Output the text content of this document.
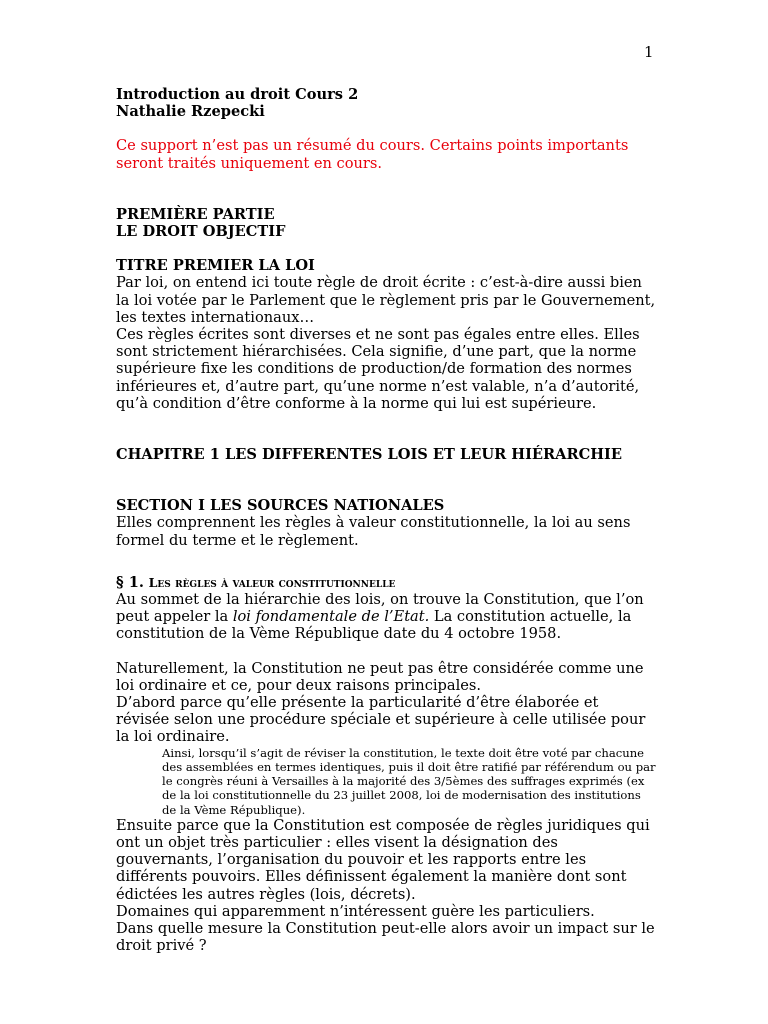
1

Introduction au droit Cours 2

Nathalie Rzepecki

Ce support n’est pas un résumé du cours. Certains points importants seront traités uniquement en cours.

PREMIÈRE PARTIE

LE DROIT OBJECTIF

TITRE PREMIER LA LOI

Par loi, on entend ici toute règle de droit écrite : c’est-à-dire aussi bien la loi votée par le Parlement que le règlement pris par le Gouvernement, les textes internationaux…

Ces règles écrites sont diverses et ne sont pas égales entre elles. Elles sont strictement hiérarchisées. Cela signifie, d’une part, que la norme supérieure fixe les conditions de production/de formation des normes inférieures et, d’autre part, qu’une norme n’est valable, n’a d’autorité, qu’à condition d’être conforme à la norme qui lui est supérieure.

CHAPITRE 1 LES DIFFERENTES LOIS ET LEUR HIÉRARCHIE

SECTION I LES SOURCES NATIONALES

Elles comprennent les règles à valeur constitutionnelle, la loi au sens formel du terme et le règlement.

§ 1. Les règles à valeur constitutionnelle

Au sommet de la hiérarchie des lois, on trouve la Constitution, que l’on peut appeler la loi fondamentale de l’Etat. La constitution actuelle, la constitution de la Vème République date du 4 octobre 1958.

Naturellement, la Constitution ne peut pas être considérée comme une loi ordinaire et ce, pour deux raisons principales.

D’abord parce qu’elle présente la particularité d’être élaborée et révisée selon une procédure spéciale et supérieure à celle utilisée pour la loi ordinaire.

Ainsi, lorsqu’il s’agit de réviser la constitution, le texte doit être voté par chacune des assemblées en termes identiques, puis il doit être ratifié par référendum ou par le congrès réuni à Versailles à la majorité des 3/5èmes des suffrages exprimés (ex de la loi constitutionnelle du 23 juillet 2008, loi de modernisation des institutions de la Vème République).

Ensuite parce que la Constitution est composée de règles juridiques qui ont un objet très particulier : elles visent la désignation des gouvernants, l’organisation du pouvoir et les rapports entre les différents pouvoirs. Elles définissent également la manière dont sont édictées les autres règles (lois, décrets).

Domaines qui apparemment n’intéressent guère les particuliers.

Dans quelle mesure la Constitution peut-elle alors avoir un impact sur le droit privé ?
